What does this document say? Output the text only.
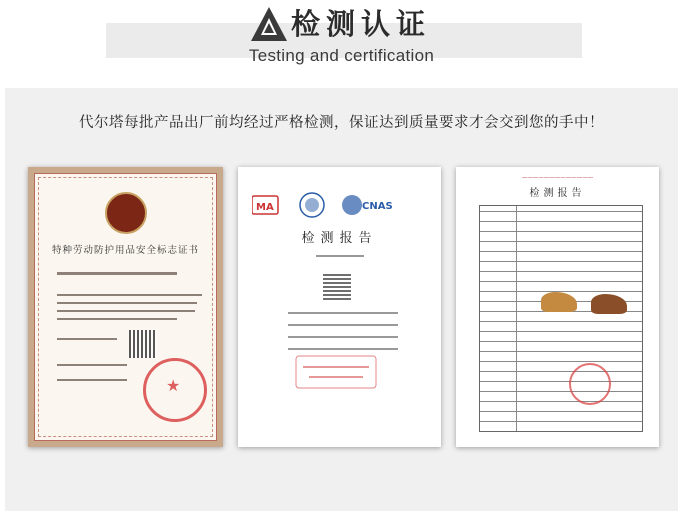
检测认证
Testing and certification
代尔塔每批产品出厂前均经过严格检测，保证达到质量要求才会交到您的手中！
特种劳动防护用品安全标志证书
★
MA	CNAS
检测报告
—————————————
检测报告
